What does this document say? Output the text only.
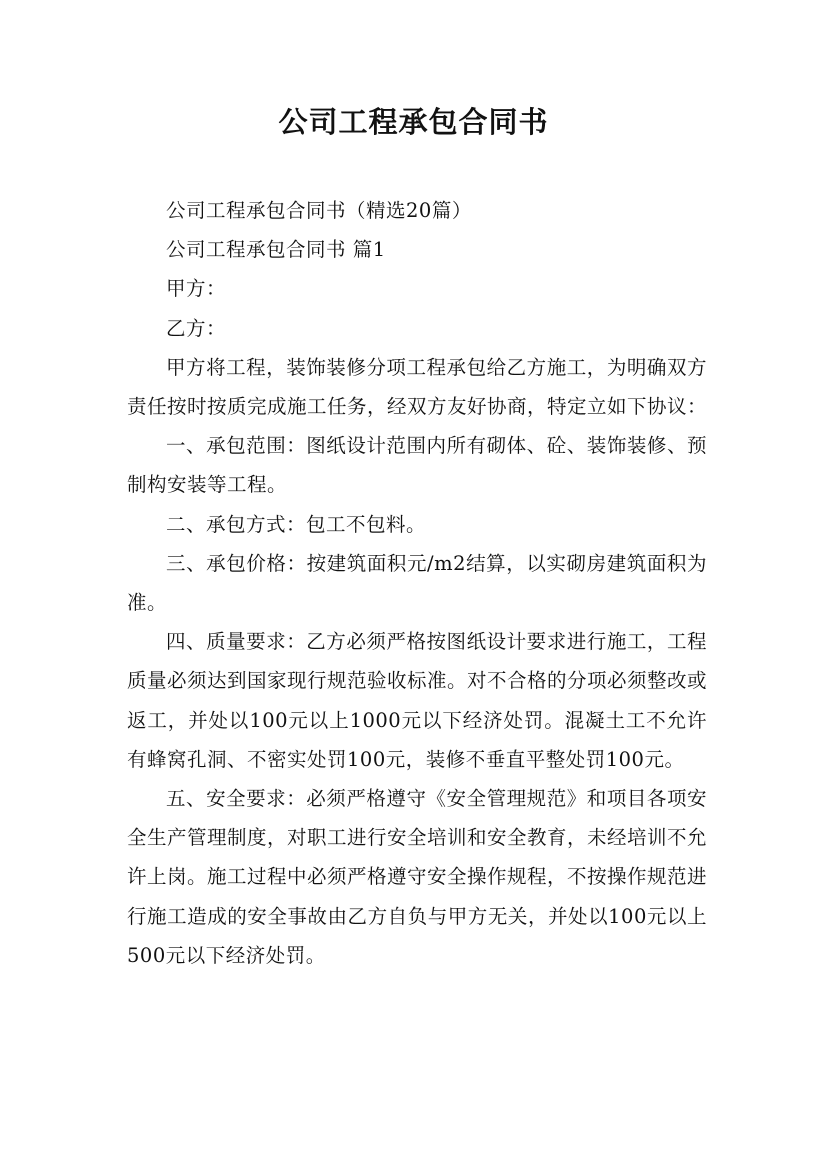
公司工程承包合同书

公司工程承包合同书（精选20篇）

公司工程承包合同书 篇1

甲方：

乙方：

甲方将工程，装饰装修分项工程承包给乙方施工，为明确双方责任按时按质完成施工任务，经双方友好协商，特定立如下协议：

一、承包范围：图纸设计范围内所有砌体、砼、装饰装修、预制构安装等工程。

二、承包方式：包工不包料。

三、承包价格：按建筑面积元/m2结算，以实砌房建筑面积为准。

四、质量要求：乙方必须严格按图纸设计要求进行施工，工程质量必须达到国家现行规范验收标准。对不合格的分项必须整改或返工，并处以100元以上1000元以下经济处罚。混凝土工不允许有蜂窝孔洞、不密实处罚100元，装修不垂直平整处罚100元。

五、安全要求：必须严格遵守《安全管理规范》和项目各项安全生产管理制度，对职工进行安全培训和安全教育，未经培训不允许上岗。施工过程中必须严格遵守安全操作规程，不按操作规范进行施工造成的安全事故由乙方自负与甲方无关，并处以100元以上500元以下经济处罚。
